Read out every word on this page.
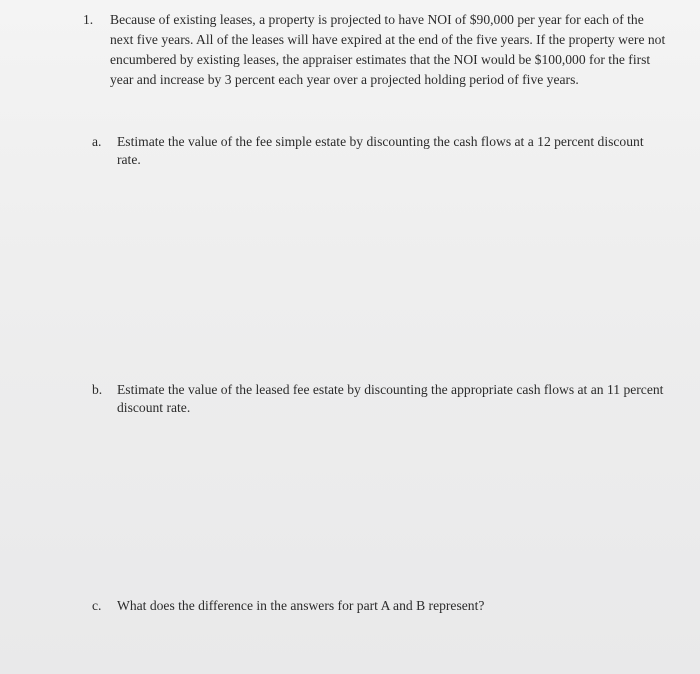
1.	Because of existing leases, a property is projected to have NOI of $90,000 per year for each of the next five years. All of the leases will have expired at the end of the five years. If the property were not encumbered by existing leases, the appraiser estimates that the NOI would be $100,000 for the first year and increase by 3 percent each year over a projected holding period of five years.
a.	Estimate the value of the fee simple estate by discounting the cash flows at a 12 percent discount rate.
b.	Estimate the value of the leased fee estate by discounting the appropriate cash flows at an 11 percent discount rate.
c.	What does the difference in the answers for part A and B represent?
